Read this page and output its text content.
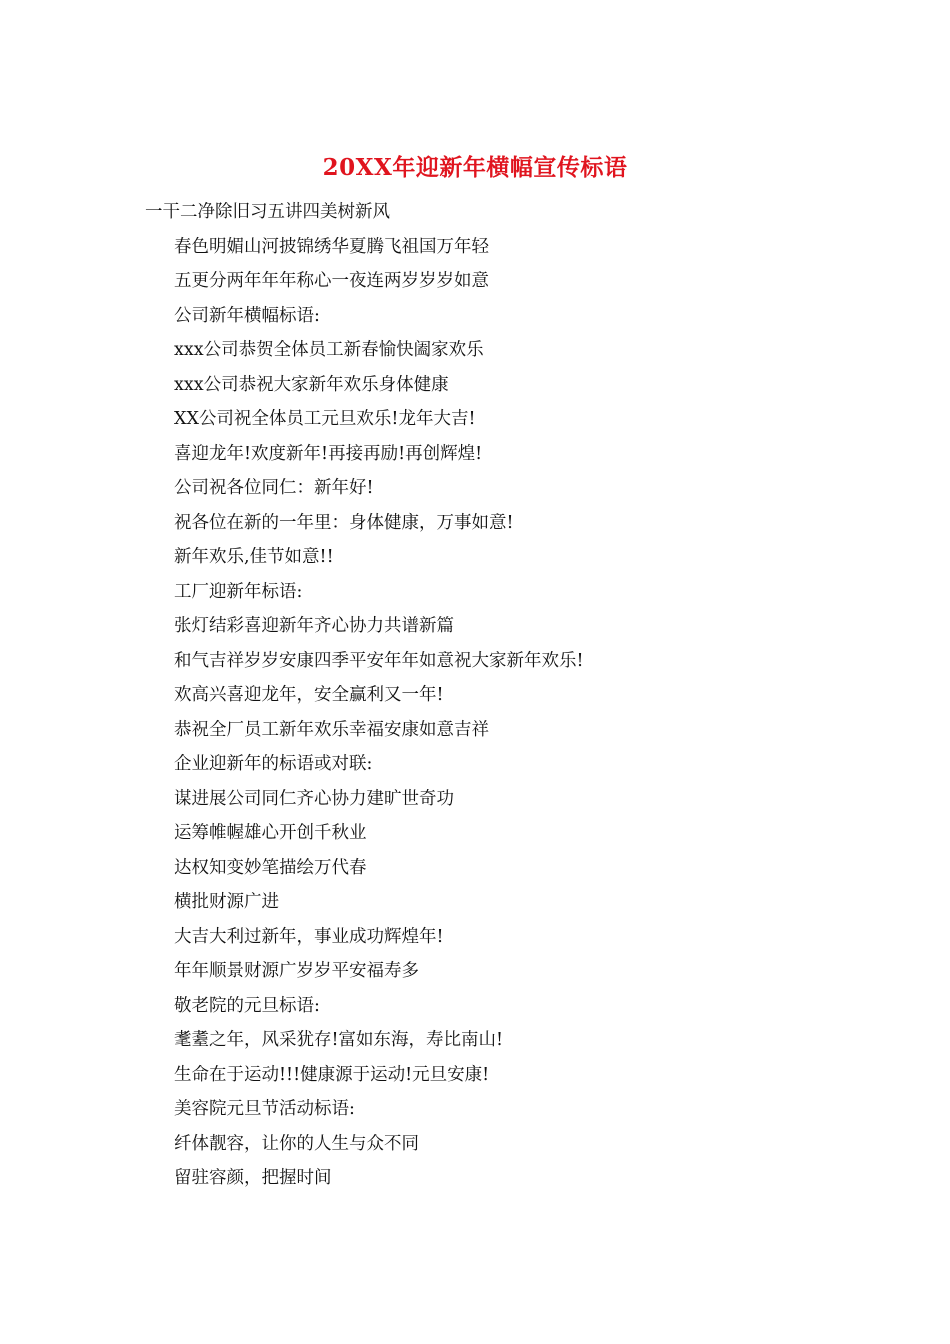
20XX年迎新年横幅宣传标语
一干二净除旧习五讲四美树新风
春色明媚山河披锦绣华夏腾飞祖国万年轻
五更分两年年年称心一夜连两岁岁岁如意
公司新年横幅标语:
xxx公司恭贺全体员工新春愉快阖家欢乐
xxx公司恭祝大家新年欢乐身体健康
XX公司祝全体员工元旦欢乐!龙年大吉!
喜迎龙年!欢度新年!再接再励!再创辉煌!
公司祝各位同仁：新年好!
祝各位在新的一年里：身体健康，万事如意!
新年欢乐,佳节如意!!
工厂迎新年标语:
张灯结彩喜迎新年齐心协力共谱新篇
和气吉祥岁岁安康四季平安年年如意祝大家新年欢乐!
欢高兴喜迎龙年，安全赢利又一年!
恭祝全厂员工新年欢乐幸福安康如意吉祥
企业迎新年的标语或对联:
谋进展公司同仁齐心协力建旷世奇功
运筹帷幄雄心开创千秋业
达权知变妙笔描绘万代春
横批财源广进
大吉大利过新年，事业成功辉煌年!
年年顺景财源广岁岁平安福寿多
敬老院的元旦标语:
耄耋之年，风采犹存!富如东海，寿比南山!
生命在于运动!!!健康源于运动!元旦安康!
美容院元旦节活动标语:
纤体靓容，让你的人生与众不同
留驻容颜，把握时间
